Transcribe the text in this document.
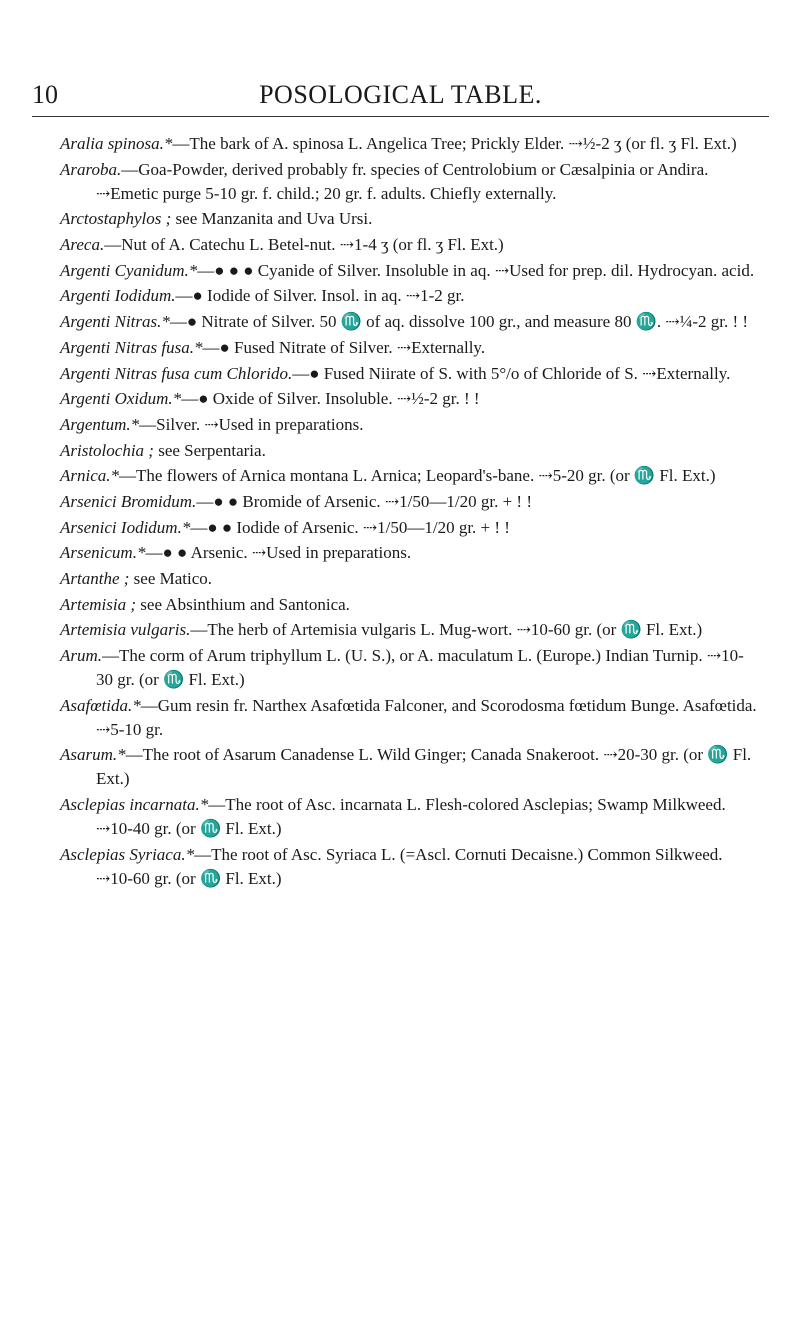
10	POSOLOGICAL TABLE.

Aralia spinosa.*—The bark of A. spinosa L. Angelica Tree; Prickly Elder. ⇢½-2 ʒ (or fl. ʒ Fl. Ext.)

Araroba.—Goa-Powder, derived probably fr. species of Centrolobium or Cæsalpinia or Andira. ⇢Emetic purge 5-10 gr. f. child.; 20 gr. f. adults. Chiefly externally.

Arctostaphylos ; see Manzanita and Uva Ursi.

Areca.—Nut of A. Catechu L. Betel-nut. ⇢1-4 ʒ (or fl. ʒ Fl. Ext.)

Argenti Cyanidum.*—● ● ● Cyanide of Silver. Insoluble in aq. ⇢Used for prep. dil. Hydrocyan. acid.

Argenti Iodidum.—● Iodide of Silver. Insol. in aq. ⇢1-2 gr.

Argenti Nitras.*—● Nitrate of Silver. 50 ♏ of aq. dissolve 100 gr., and measure 80 ♏. ⇢¼-2 gr. ! !

Argenti Nitras fusa.*—● Fused Nitrate of Silver. ⇢Externally.

Argenti Nitras fusa cum Chlorido.—● Fused Niirate of S. with 5°/o of Chloride of S. ⇢Externally.

Argenti Oxidum.*—● Oxide of Silver. Insoluble. ⇢½-2 gr. ! !

Argentum.*—Silver. ⇢Used in preparations.

Aristolochia ; see Serpentaria.

Arnica.*—The flowers of Arnica montana L. Arnica; Leopard's-bane. ⇢5-20 gr. (or ♏ Fl. Ext.)

Arsenici Bromidum.—● ● Bromide of Arsenic. ⇢1/50—1/20 gr. + ! !

Arsenici Iodidum.*—● ● Iodide of Arsenic. ⇢1/50—1/20 gr. + ! !

Arsenicum.*—● ● Arsenic. ⇢Used in preparations.

Artanthe ; see Matico.

Artemisia ; see Absinthium and Santonica.

Artemisia vulgaris.—The herb of Artemisia vulgaris L. Mug-wort. ⇢10-60 gr. (or ♏ Fl. Ext.)

Arum.—The corm of Arum triphyllum L. (U. S.), or A. maculatum L. (Europe.) Indian Turnip. ⇢10-30 gr. (or ♏ Fl. Ext.)

Asafœtida.*—Gum resin fr. Narthex Asafœtida Falconer, and Scorodosma fœtidum Bunge. Asafœtida. ⇢5-10 gr.

Asarum.*—The root of Asarum Canadense L. Wild Ginger; Canada Snakeroot. ⇢20-30 gr. (or ♏ Fl. Ext.)

Asclepias incarnata.*—The root of Asc. incarnata L. Flesh-colored Asclepias; Swamp Milkweed. ⇢10-40 gr. (or ♏ Fl. Ext.)

Asclepias Syriaca.*—The root of Asc. Syriaca L. (=Ascl. Cornuti Decaisne.) Common Silkweed. ⇢10-60 gr. (or ♏ Fl. Ext.)
